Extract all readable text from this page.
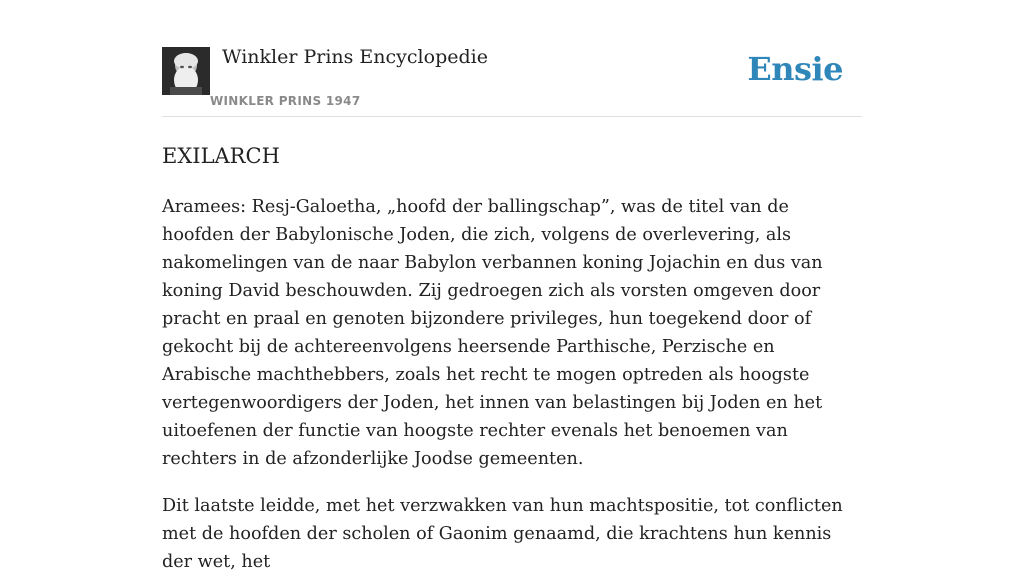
Winkler Prins Encyclopedie
WINKLER PRINS 1947
Ensie
EXILARCH

Aramees: Resj-Galoetha, „hoofd der ballingschap”, was de titel van de hoofden der Babylonische Joden, die zich, volgens de overlevering, als nakomelingen van de naar Babylon verbannen koning Jojachin en dus van koning David beschouwden. Zij gedroegen zich als vorsten omgeven door pracht en praal en genoten bijzondere privileges, hun toegekend door of gekocht bij de achtereenvolgens heersende Parthische, Perzische en Arabische machthebbers, zoals het recht te mogen optreden als hoogste vertegenwoordigers der Joden, het innen van belastingen bij Joden en het uitoefenen der functie van hoogste rechter evenals het benoemen van rechters in de afzonderlijke Joodse gemeenten.

Dit laatste leidde, met het verzwakken van hun machtspositie, tot conflicten met de hoofden der scholen of Gaonim genaamd, die krachtens hun kennis der wet, het
